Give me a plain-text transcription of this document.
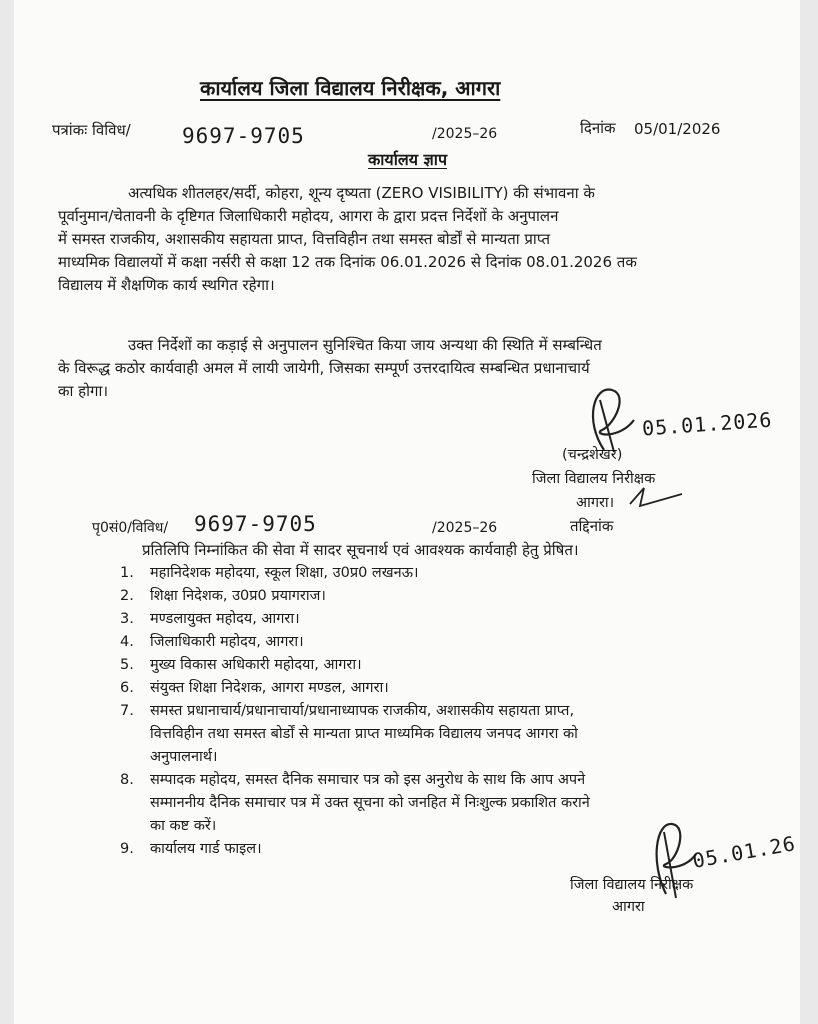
कार्यालय जिला विद्यालय निरीक्षक, आगरा
पत्रांकः विविध/ 9697-9705	/2025–26	दिनांक 05/01/2026
कार्यालय ज्ञाप
अत्यधिक शीतलहर/सर्दी, कोहरा, शून्य दृष्यता (ZERO VISIBILITY) की संभावना के
पूर्वानुमान/चेतावनी के दृष्टिगत जिलाधिकारी महोदय, आगरा के द्वारा प्रदत्त निर्देशों के अनुपालन
में समस्त राजकीय, अशासकीय सहायता प्राप्त, वित्तविहीन तथा समस्त बोर्डों से मान्यता प्राप्त
माध्यमिक विद्यालयों में कक्षा नर्सरी से कक्षा 12 तक दिनांक 06.01.2026 से दिनांक 08.01.2026 तक
विद्यालय में शैक्षणिक कार्य स्थगित रहेगा।
उक्त निर्देशों का कड़ाई से अनुपालन सुनिश्चित किया जाय अन्यथा की स्थिति में सम्बन्धित
के विरूद्ध कठोर कार्यवाही अमल में लायी जायेगी, जिसका सम्पूर्ण उत्तरदायित्व सम्बन्धित प्रधानाचार्य
का होगा।
05.01.2026
(चन्द्रशेखर)
जिला विद्यालय निरीक्षक
आगरा।
पृ0सं0/विविध/ 9697-9705	/2025–26	तद्दिनांक
प्रतिलिपि निम्नांकित की सेवा में सादर सूचनार्थ एवं आवश्यक कार्यवाही हेतु प्रेषित।
1. महानिदेशक महोदया, स्कूल शिक्षा, उ0प्र0 लखनऊ।
2. शिक्षा निदेशक, उ0प्र0 प्रयागराज।
3. मण्डलायुक्त महोदय, आगरा।
4. जिलाधिकारी महोदय, आगरा।
5. मुख्य विकास अधिकारी महोदया, आगरा।
6. संयुक्त शिक्षा निदेशक, आगरा मण्डल, आगरा।
7. समस्त प्रधानाचार्य/प्रधानाचार्या/प्रधानाध्यापक राजकीय, अशासकीय सहायता प्राप्त,
वित्तविहीन तथा समस्त बोर्डों से मान्यता प्राप्त माध्यमिक विद्यालय जनपद आगरा को
अनुपालनार्थ।
8. सम्पादक महोदय, समस्त दैनिक समाचार पत्र को इस अनुरोध के साथ कि आप अपने
सम्माननीय दैनिक समाचार पत्र में उक्त सूचना को जनहित में निःशुल्क प्रकाशित कराने
का कष्ट करें।
9. कार्यालय गार्ड फाइल।	05.01.26
जिला विद्यालय निरीक्षक
आगरा
